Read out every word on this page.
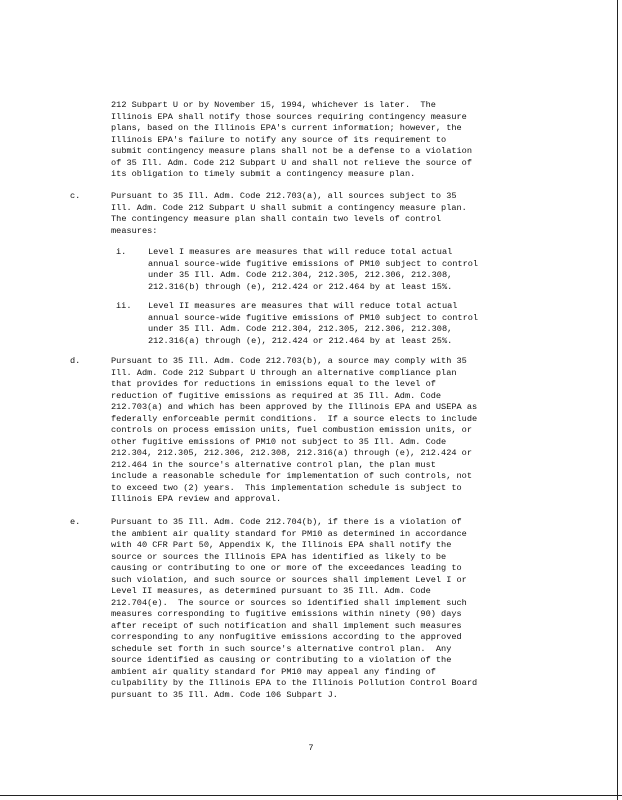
212 Subpart U or by November 15, 1994, whichever is later.  The
Illinois EPA shall notify those sources requiring contingency measure
plans, based on the Illinois EPA's current information; however, the
Illinois EPA's failure to notify any source of its requirement to
submit contingency measure plans shall not be a defense to a violation
of 35 Ill. Adm. Code 212 Subpart U and shall not relieve the source of
its obligation to timely submit a contingency measure plan.
c.	Pursuant to 35 Ill. Adm. Code 212.703(a), all sources subject to 35
Ill. Adm. Code 212 Subpart U shall submit a contingency measure plan.
The contingency measure plan shall contain two levels of control
measures:
i.	Level I measures are measures that will reduce total actual
annual source-wide fugitive emissions of PM10 subject to control
under 35 Ill. Adm. Code 212.304, 212.305, 212.306, 212.308,
212.316(b) through (e), 212.424 or 212.464 by at least 15%.
ii. Level II measures are measures that will reduce total actual
annual source-wide fugitive emissions of PM10 subject to control
under 35 Ill. Adm. Code 212.304, 212.305, 212.306, 212.308,
212.316(a) through (e), 212.424 or 212.464 by at least 25%.
d.	Pursuant to 35 Ill. Adm. Code 212.703(b), a source may comply with 35
Ill. Adm. Code 212 Subpart U through an alternative compliance plan
that provides for reductions in emissions equal to the level of
reduction of fugitive emissions as required at 35 Ill. Adm. Code
212.703(a) and which has been approved by the Illinois EPA and USEPA as
federally enforceable permit conditions.  If a source elects to include
controls on process emission units, fuel combustion emission units, or
other fugitive emissions of PM10 not subject to 35 Ill. Adm. Code
212.304, 212.305, 212.306, 212.308, 212.316(a) through (e), 212.424 or
212.464 in the source's alternative control plan, the plan must
include a reasonable schedule for implementation of such controls, not
to exceed two (2) years.  This implementation schedule is subject to
Illinois EPA review and approval.
e.	Pursuant to 35 Ill. Adm. Code 212.704(b), if there is a violation of
the ambient air quality standard for PM10 as determined in accordance
with 40 CFR Part 50, Appendix K, the Illinois EPA shall notify the
source or sources the Illinois EPA has identified as likely to be
causing or contributing to one or more of the exceedances leading to
such violation, and such source or sources shall implement Level I or
Level II measures, as determined pursuant to 35 Ill. Adm. Code
212.704(e).  The source or sources so identified shall implement such
measures corresponding to fugitive emissions within ninety (90) days
after receipt of such notification and shall implement such measures
corresponding to any nonfugitive emissions according to the approved
schedule set forth in such source's alternative control plan.  Any
source identified as causing or contributing to a violation of the
ambient air quality standard for PM10 may appeal any finding of
culpability by the Illinois EPA to the Illinois Pollution Control Board
pursuant to 35 Ill. Adm. Code 106 Subpart J.
7
